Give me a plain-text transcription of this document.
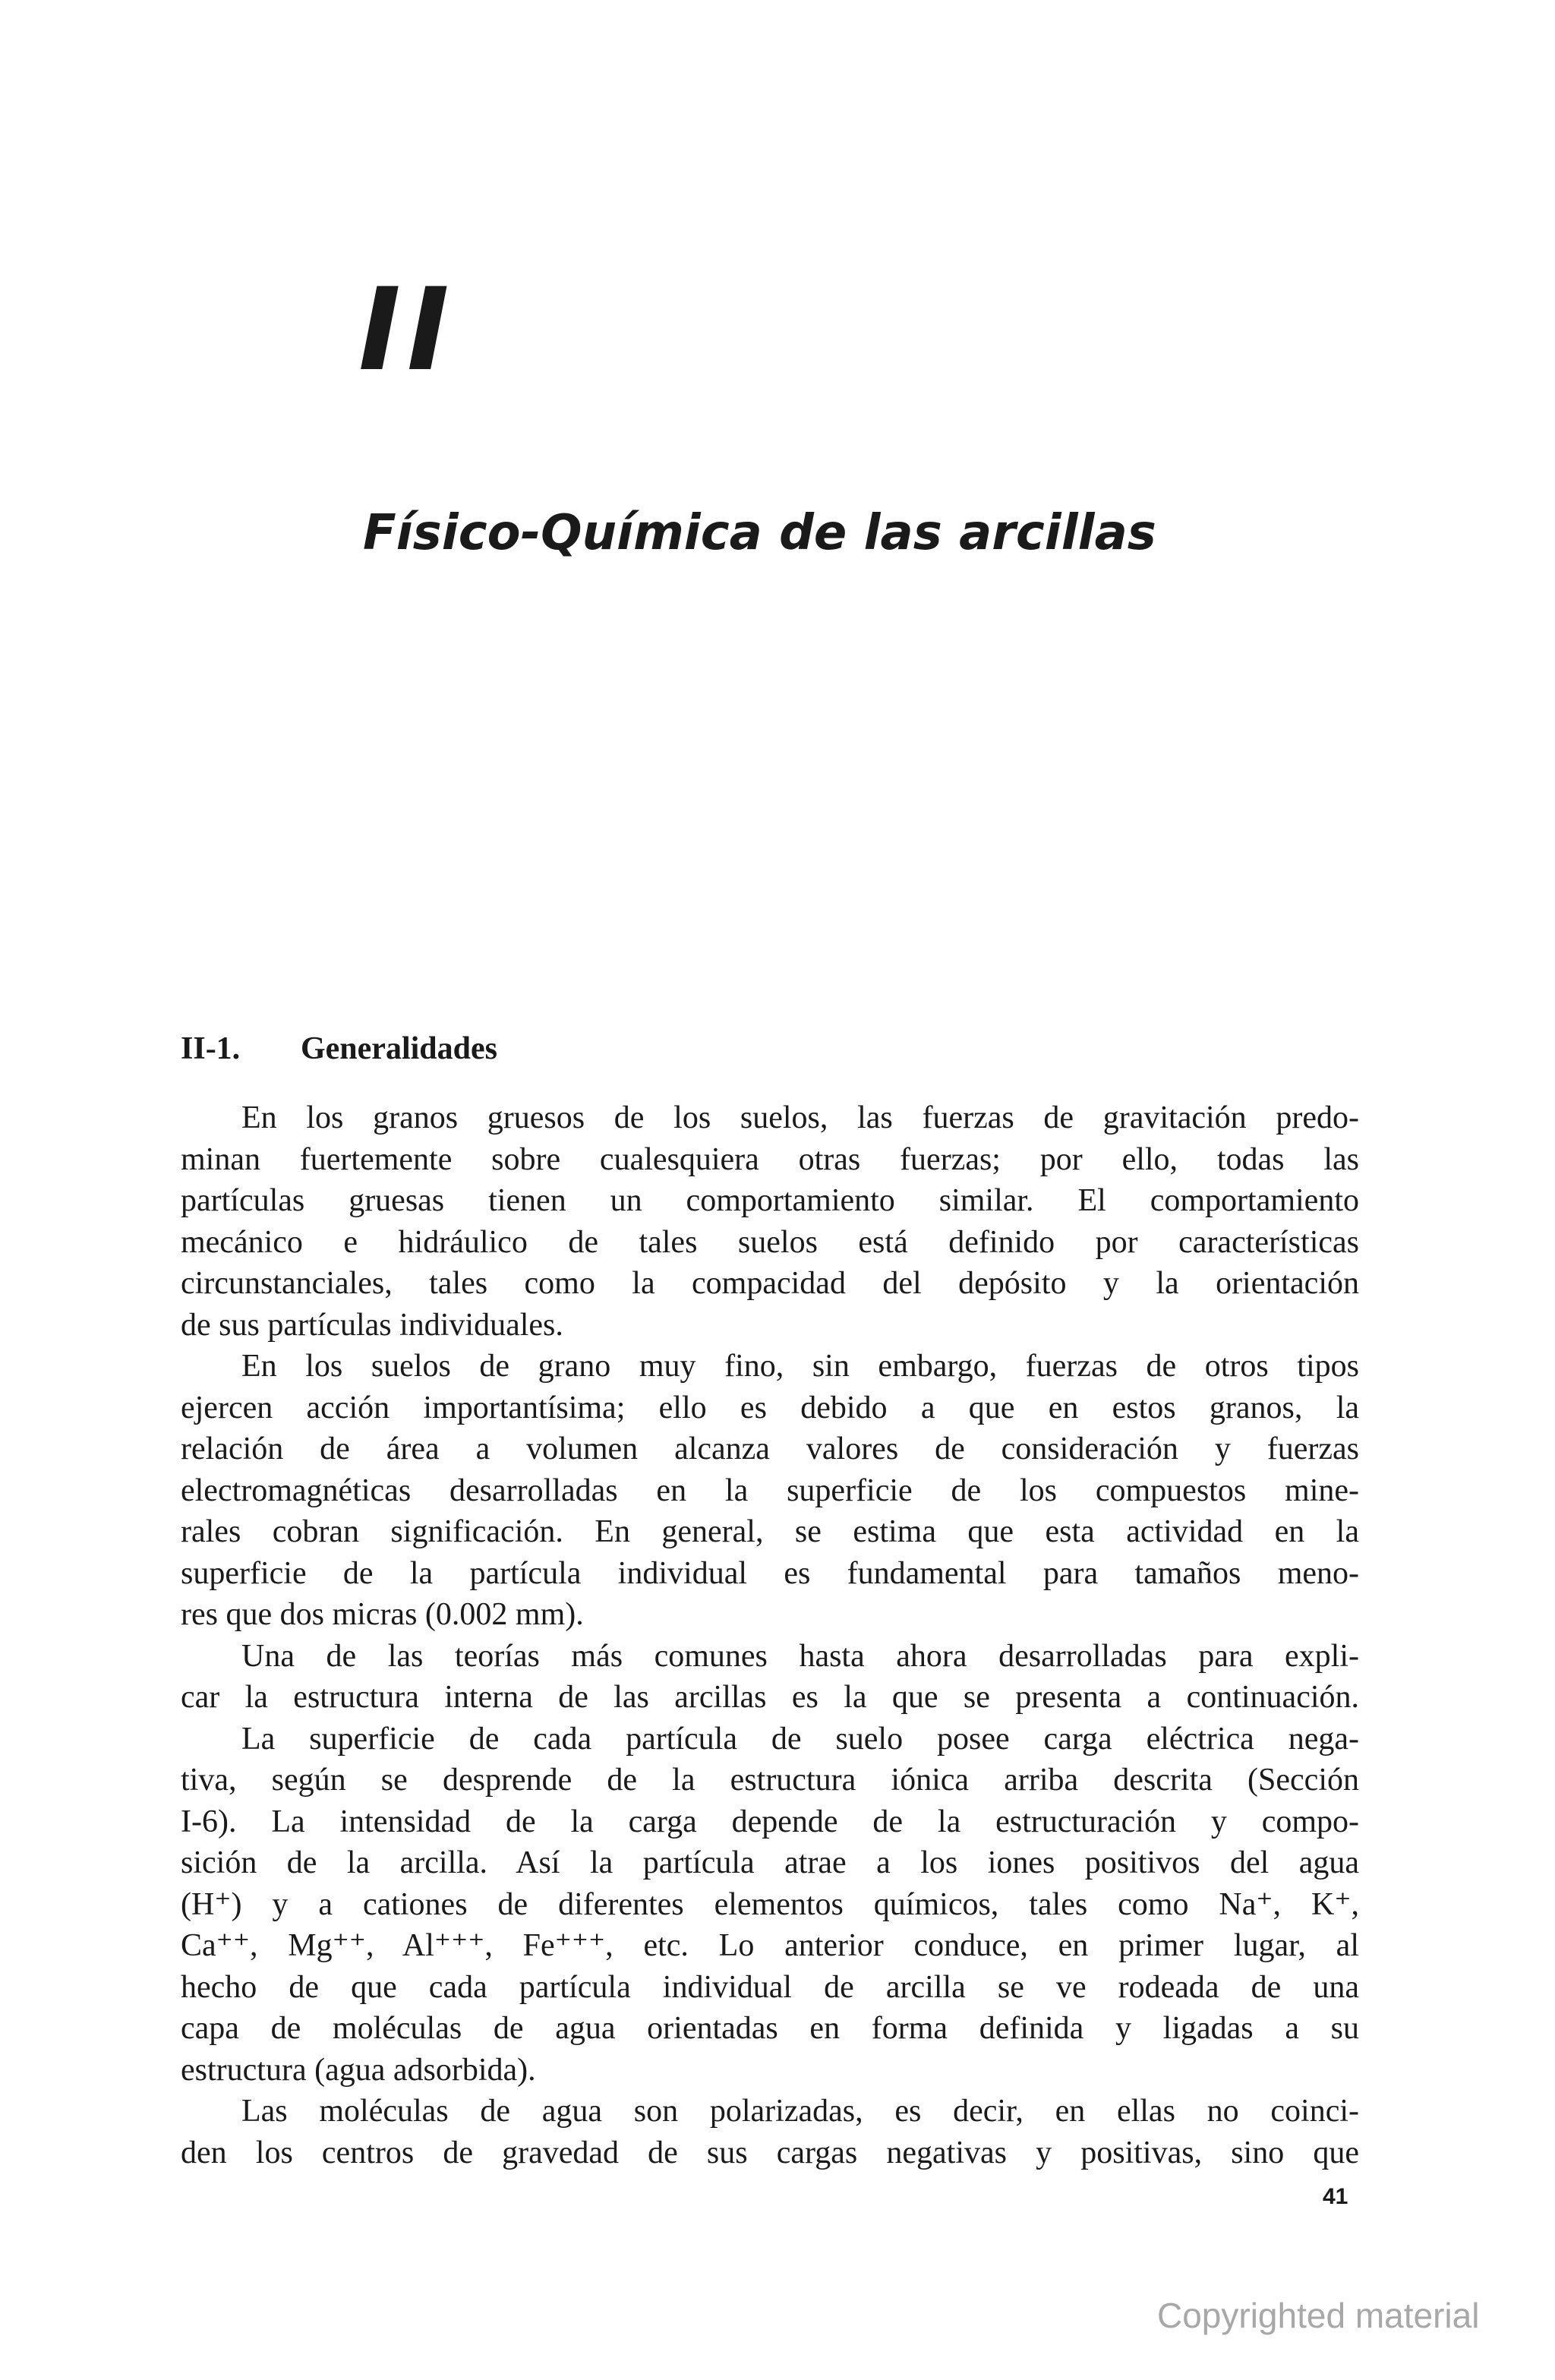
II
Físico-Química de las arcillas
II-1. Generalidades
En los granos gruesos de los suelos, las fuerzas de gravitación predo-
minan fuertemente sobre cualesquiera otras fuerzas; por ello, todas las
partículas gruesas tienen un comportamiento similar. El comportamiento
mecánico e hidráulico de tales suelos está definido por características
circunstanciales, tales como la compacidad del depósito y la orientación
de sus partículas individuales.
En los suelos de grano muy fino, sin embargo, fuerzas de otros tipos
ejercen acción importantísima; ello es debido a que en estos granos, la
relación de área a volumen alcanza valores de consideración y fuerzas
electromagnéticas desarrolladas en la superficie de los compuestos mine-
rales cobran significación. En general, se estima que esta actividad en la
superficie de la partícula individual es fundamental para tamaños meno-
res que dos micras (0.002 mm).
Una de las teorías más comunes hasta ahora desarrolladas para expli-
car la estructura interna de las arcillas es la que se presenta a continuación.
La superficie de cada partícula de suelo posee carga eléctrica nega-
tiva, según se desprende de la estructura iónica arriba descrita (Sección
I-6). La intensidad de la carga depende de la estructuración y compo-
sición de la arcilla. Así la partícula atrae a los iones positivos del agua
(H⁺) y a cationes de diferentes elementos químicos, tales como Na⁺, K⁺,
Ca⁺⁺, Mg⁺⁺, Al⁺⁺⁺, Fe⁺⁺⁺, etc. Lo anterior conduce, en primer lugar, al
hecho de que cada partícula individual de arcilla se ve rodeada de una
capa de moléculas de agua orientadas en forma definida y ligadas a su
estructura (agua adsorbida).
Las moléculas de agua son polarizadas, es decir, en ellas no coinci-
den los centros de gravedad de sus cargas negativas y positivas, sino que
41
Copyrighted material
